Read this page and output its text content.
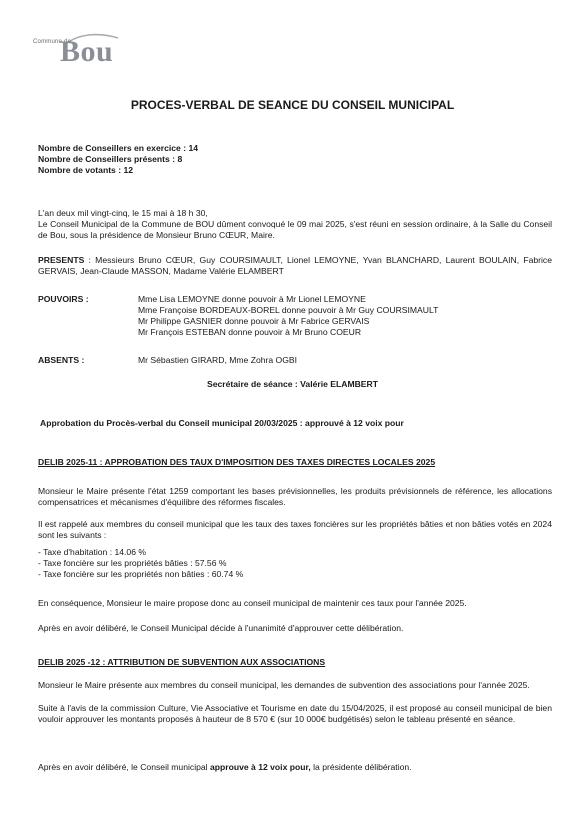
Commune de
Bou
PROCES-VERBAL DE SEANCE DU CONSEIL MUNICIPAL

Nombre de Conseillers en exercice : 14

Nombre de Conseillers présents : 8

Nombre de votants : 12

L'an deux mil vingt-cinq, le 15 mai à 18 h 30,

Le Conseil Municipal de la Commune de BOU dûment convoqué le 09 mai 2025, s'est réuni en session ordinaire, à la Salle du Conseil de Bou, sous la présidence de Monsieur Bruno CŒUR, Maire.

PRESENTS : Messieurs Bruno CŒUR, Guy COURSIMAULT, Lionel LEMOYNE, Yvan BLANCHARD, Laurent BOULAIN, Fabrice GERVAIS, Jean-Claude MASSON, Madame Valérie ELAMBERT

POUVOIRS :	Mme Lisa LEMOYNE donne pouvoir à Mr Lionel LEMOYNE

Mme Françoise BORDEAUX-BOREL donne pouvoir à Mr Guy COURSIMAULT

Mr Philippe GASNIER donne pouvoir à Mr Fabrice GERVAIS

Mr François ESTEBAN donne pouvoir à Mr Bruno COEUR

ABSENTS :	Mr Sébastien GIRARD, Mme Zohra OGBI
Secrétaire de séance : Valérie ELAMBERT
Approbation du Procès-verbal du Conseil municipal 20/03/2025 : approuvé à 12 voix pour
DELIB 2025-11 : APPROBATION DES TAUX D'IMPOSITION DES TAXES DIRECTES LOCALES 2025
Monsieur le Maire présente l'état 1259 comportant les bases prévisionnelles, les produits prévisionnels de référence, les allocations compensatrices et mécanismes d'équilibre des réformes fiscales.
Il est rappelé aux membres du conseil municipal que les taux des taxes foncières sur les propriétés bâties et non bâties votés en 2024 sont les suivants :

- Taxe d'habitation : 14.06 %

- Taxe foncière sur les propriétés bâties : 57.56 %

- Taxe foncière sur les propriétés non bâties : 60.74 %

En conséquence, Monsieur le maire propose donc au conseil municipal de maintenir ces taux pour l'année 2025.
Après en avoir délibéré, le Conseil Municipal décide à l'unanimité d'approuver cette délibération.
DELIB 2025 -12 : ATTRIBUTION DE SUBVENTION AUX ASSOCIATIONS
Monsieur le Maire présente aux membres du conseil municipal, les demandes de subvention des associations pour l'année 2025.
Suite à l'avis de la commission Culture, Vie Associative et Tourisme en date du 15/04/2025, il est proposé au conseil municipal de bien vouloir approuver les montants proposés à hauteur de 8 570 € (sur 10 000€ budgétisés) selon le tableau présenté en séance.
Après en avoir délibéré, le Conseil municipal approuve à 12 voix pour, la présidente délibération.
